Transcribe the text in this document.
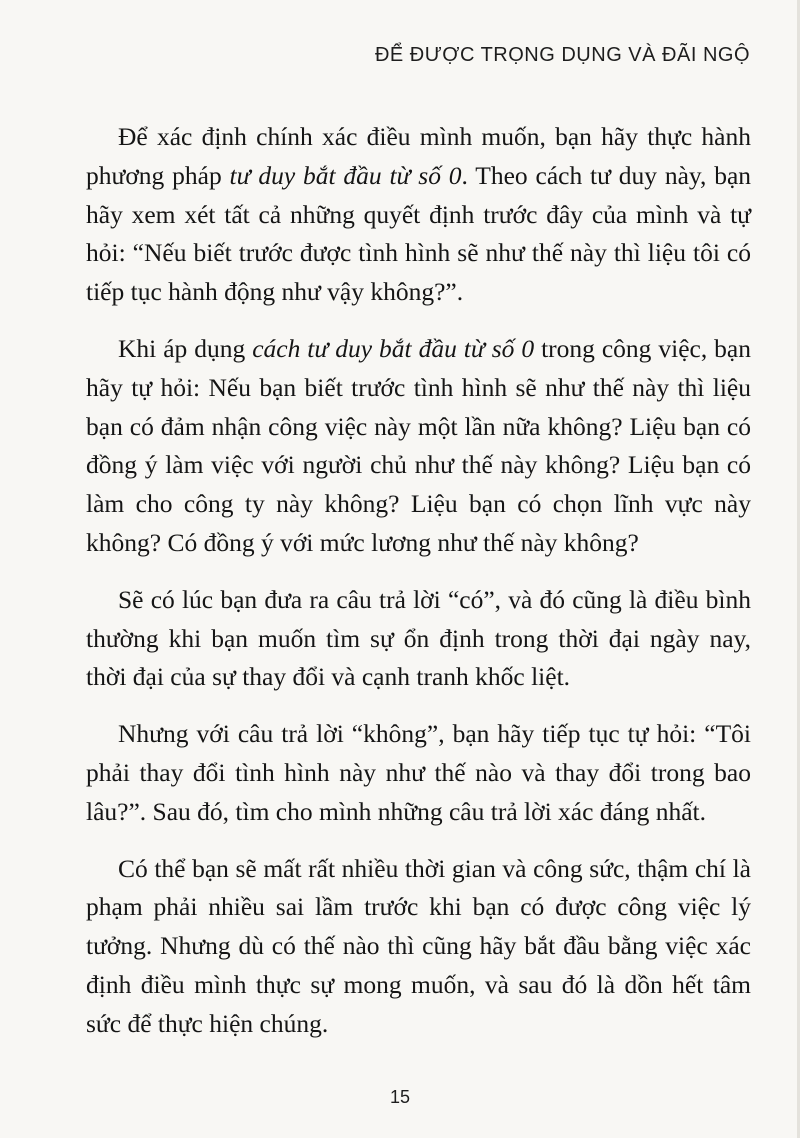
ĐỂ ĐƯỢC TRỌNG DỤNG VÀ ĐÃI NGỘ

Để xác định chính xác điều mình muốn, bạn hãy thực hành phương pháp tư duy bắt đầu từ số 0. Theo cách tư duy này, bạn hãy xem xét tất cả những quyết định trước đây của mình và tự hỏi: “Nếu biết trước được tình hình sẽ như thế này thì liệu tôi có tiếp tục hành động như vậy không?”.

Khi áp dụng cách tư duy bắt đầu từ số 0 trong công việc, bạn hãy tự hỏi: Nếu bạn biết trước tình hình sẽ như thế này thì liệu bạn có đảm nhận công việc này một lần nữa không? Liệu bạn có đồng ý làm việc với người chủ như thế này không? Liệu bạn có làm cho công ty này không? Liệu bạn có chọn lĩnh vực này không? Có đồng ý với mức lương như thế này không?

Sẽ có lúc bạn đưa ra câu trả lời “có”, và đó cũng là điều bình thường khi bạn muốn tìm sự ổn định trong thời đại ngày nay, thời đại của sự thay đổi và cạnh tranh khốc liệt.

Nhưng với câu trả lời “không”, bạn hãy tiếp tục tự hỏi: “Tôi phải thay đổi tình hình này như thế nào và thay đổi trong bao lâu?”. Sau đó, tìm cho mình những câu trả lời xác đáng nhất.

Có thể bạn sẽ mất rất nhiều thời gian và công sức, thậm chí là phạm phải nhiều sai lầm trước khi bạn có được công việc lý tưởng. Nhưng dù có thế nào thì cũng hãy bắt đầu bằng việc xác định điều mình thực sự mong muốn, và sau đó là dồn hết tâm sức để thực hiện chúng.

15
